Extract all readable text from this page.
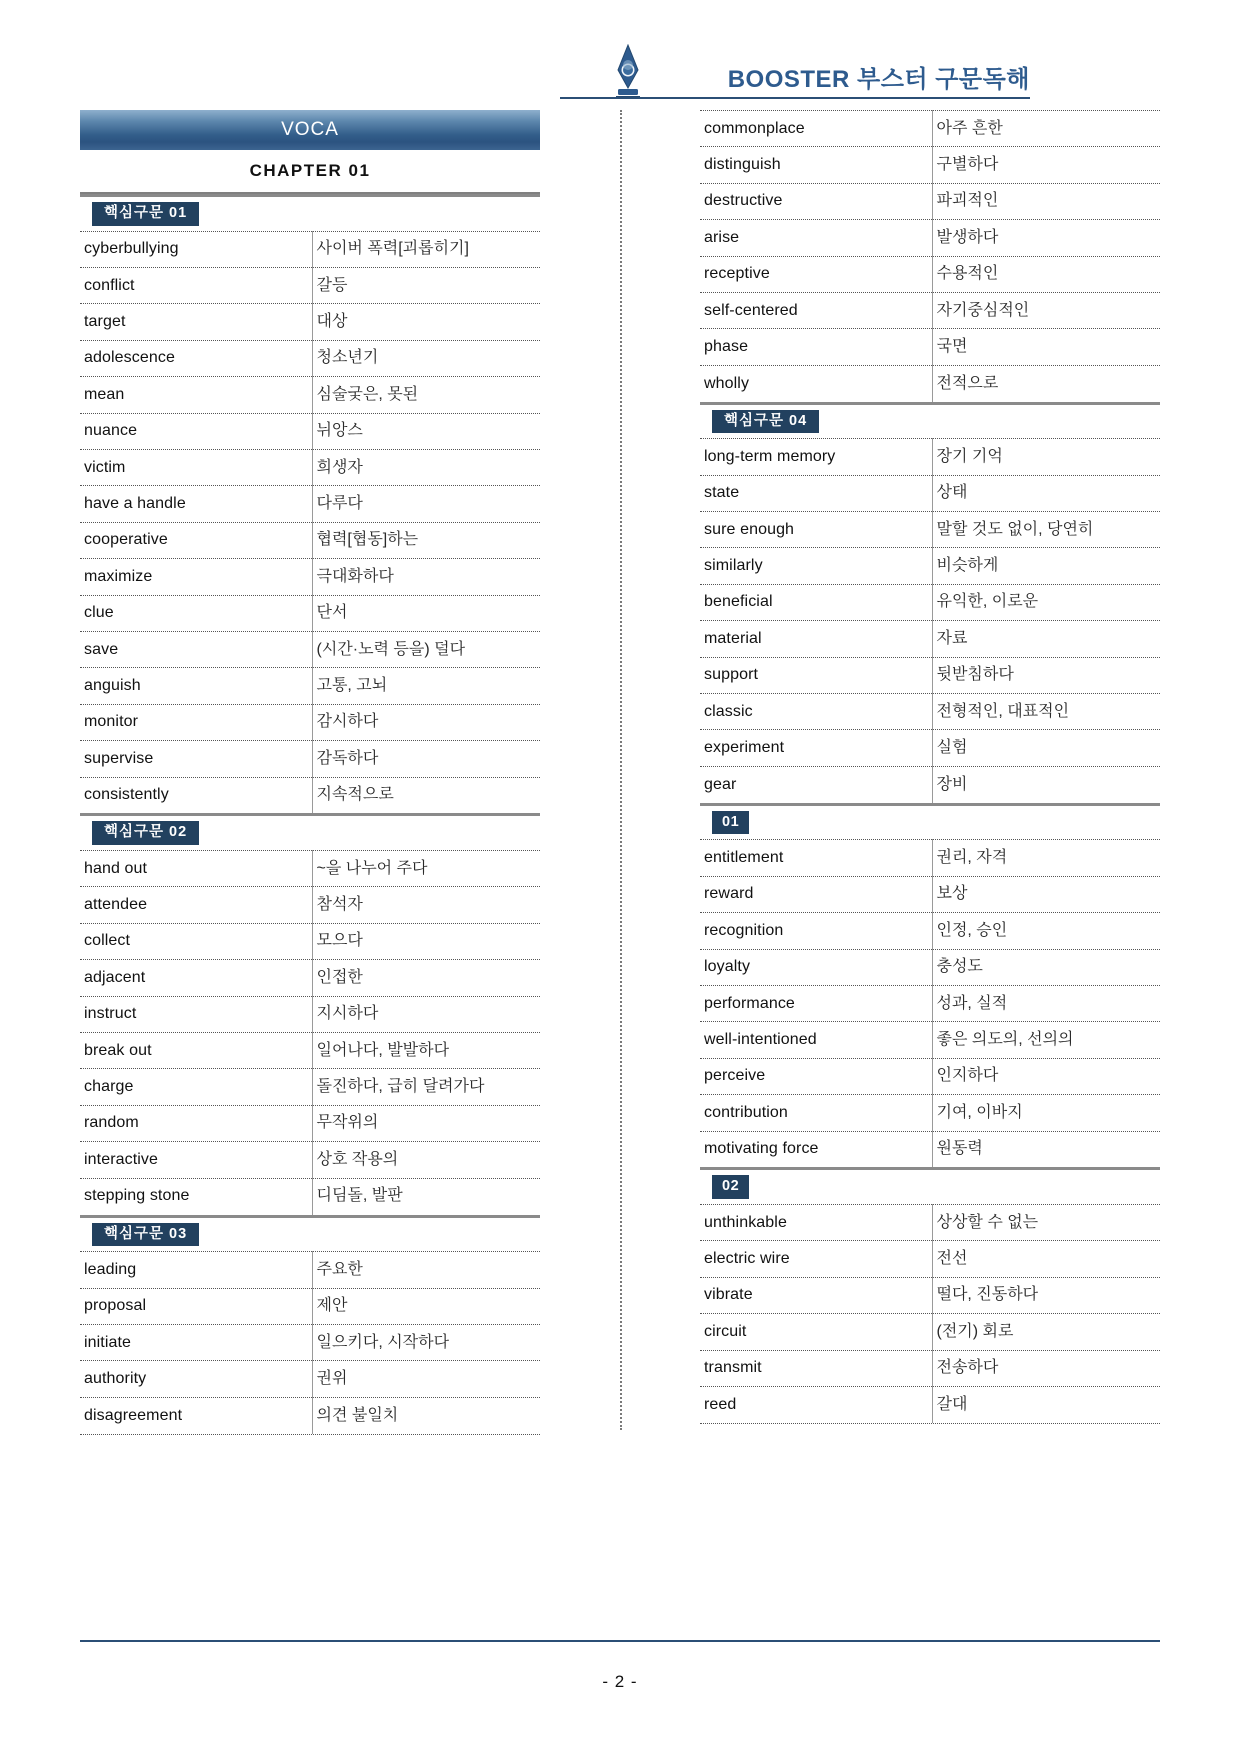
BOOSTER 부스터 구문독해
VOCA
CHAPTER 01
핵심구문 01
cyberbullying	사이버 폭력[괴롭히기]
conflict	갈등
target	대상
adolescence	청소년기
mean	심술궂은, 못된
nuance	뉘앙스
victim	희생자
have a handle	다루다
cooperative	협력[협동]하는
maximize	극대화하다
clue	단서
save	(시간·노력 등을) 덜다
anguish	고통, 고뇌
monitor	감시하다
supervise	감독하다
consistently	지속적으로
핵심구문 02
hand out	~을 나누어 주다
attendee	참석자
collect	모으다
adjacent	인접한
instruct	지시하다
break out	일어나다, 발발하다
charge	돌진하다, 급히 달려가다
random	무작위의
interactive	상호 작용의
stepping stone	디딤돌, 발판
핵심구문 03
leading	주요한
proposal	제안
initiate	일으키다, 시작하다
authority	권위
disagreement	의견 불일치
commonplace	아주 흔한
distinguish	구별하다
destructive	파괴적인
arise	발생하다
receptive	수용적인
self-centered	자기중심적인
phase	국면
wholly	전적으로
핵심구문 04
long-term memory	장기 기억
state	상태
sure enough	말할 것도 없이, 당연히
similarly	비슷하게
beneficial	유익한, 이로운
material	자료
support	뒷받침하다
classic	전형적인, 대표적인
experiment	실험
gear	장비
01
entitlement	권리, 자격
reward	보상
recognition	인정, 승인
loyalty	충성도
performance	성과, 실적
well-intentioned	좋은 의도의, 선의의
perceive	인지하다
contribution	기여, 이바지
motivating force	원동력
02
unthinkable	상상할 수 없는
electric wire	전선
vibrate	떨다, 진동하다
circuit	(전기) 회로
transmit	전송하다
reed	갈대
- 2 -
